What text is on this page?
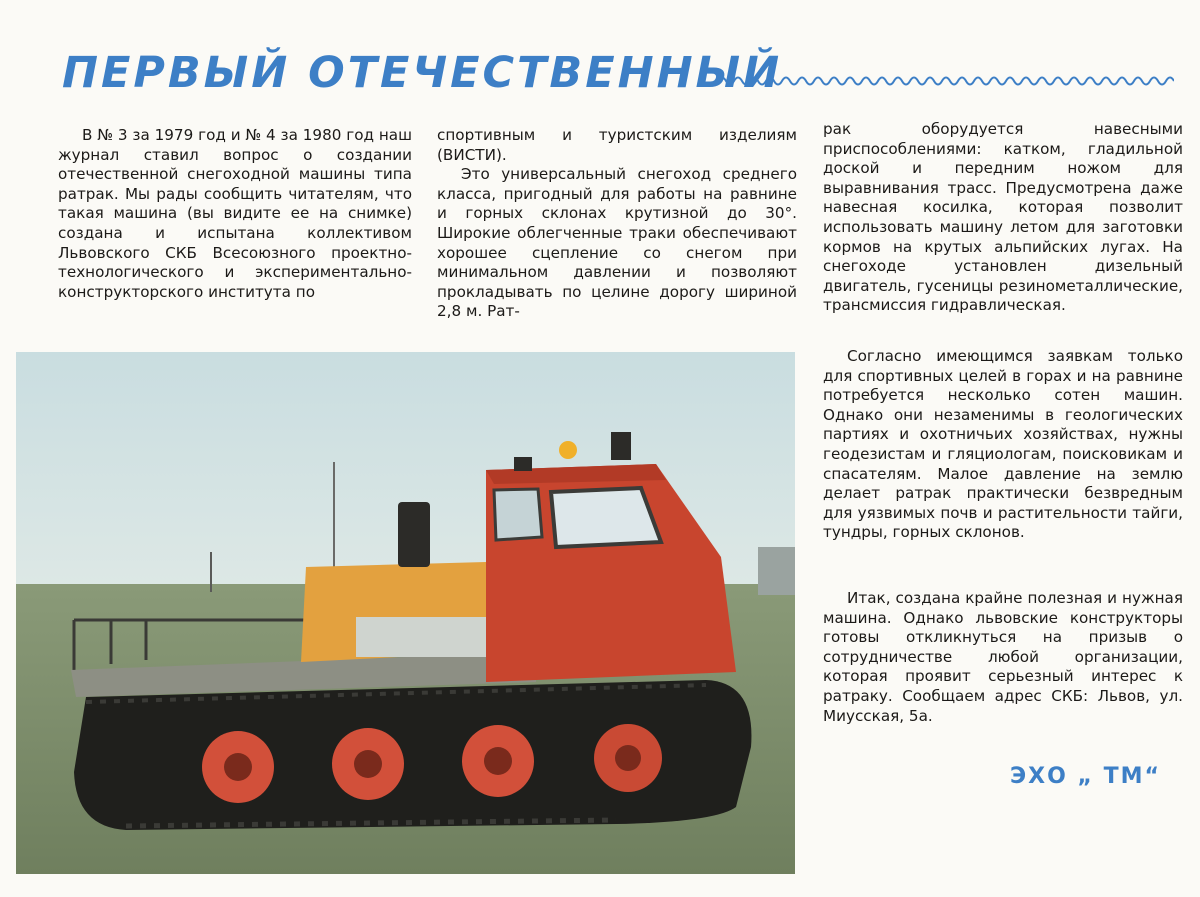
ПЕРВЫЙ ОТЕЧЕСТВЕННЫЙ

В № 3 за 1979 год и № 4 за 1980 год наш журнал ставил вопрос о создании отечественной снегоходной машины типа ратрак. Мы рады сообщить читателям, что такая машина (вы видите ее на снимке) создана и испытана коллективом Львовского СКБ Всесоюзного проектно-технологического и экспериментально-конструкторского института по

спортивным и туристским изделиям (ВИСТИ).

Это универсальный снегоход среднего класса, пригодный для работы на равнине и горных склонах крутизной до 30°. Широкие облегченные траки обеспечивают хорошее сцепление со снегом при минимальном давлении и позволяют прокладывать по целине дорогу шириной 2,8 м. Рат-

рак оборудуется навесными приспособлениями: катком, гладильной доской и передним ножом для выравнивания трасс. Предусмотрена даже навесная косилка, которая позволит использовать машину летом для заготовки кормов на крутых альпийских лугах. На снегоходе установлен дизельный двигатель, гусеницы резинометаллические, трансмиссия гидравлическая.

Согласно имеющимся заявкам только для спортивных целей в горах и на равнине потребуется несколько сотен машин. Однако они незаменимы в геологических партиях и охотничьих хозяйствах, нужны геодезистам и гляциологам, поисковикам и спасателям. Малое давление на землю делает ратрак практически безвредным для уязвимых почв и растительности тайги, тундры, горных склонов.

Итак, создана крайне полезная и нужная машина. Однако львовские конструкторы готовы откликнуться на призыв о сотрудничестве любой организации, которая проявит серьезный интерес к ратраку. Сообщаем адрес СКБ: Львов, ул. Миусская, 5а.

ЭХО „ ТМ“
